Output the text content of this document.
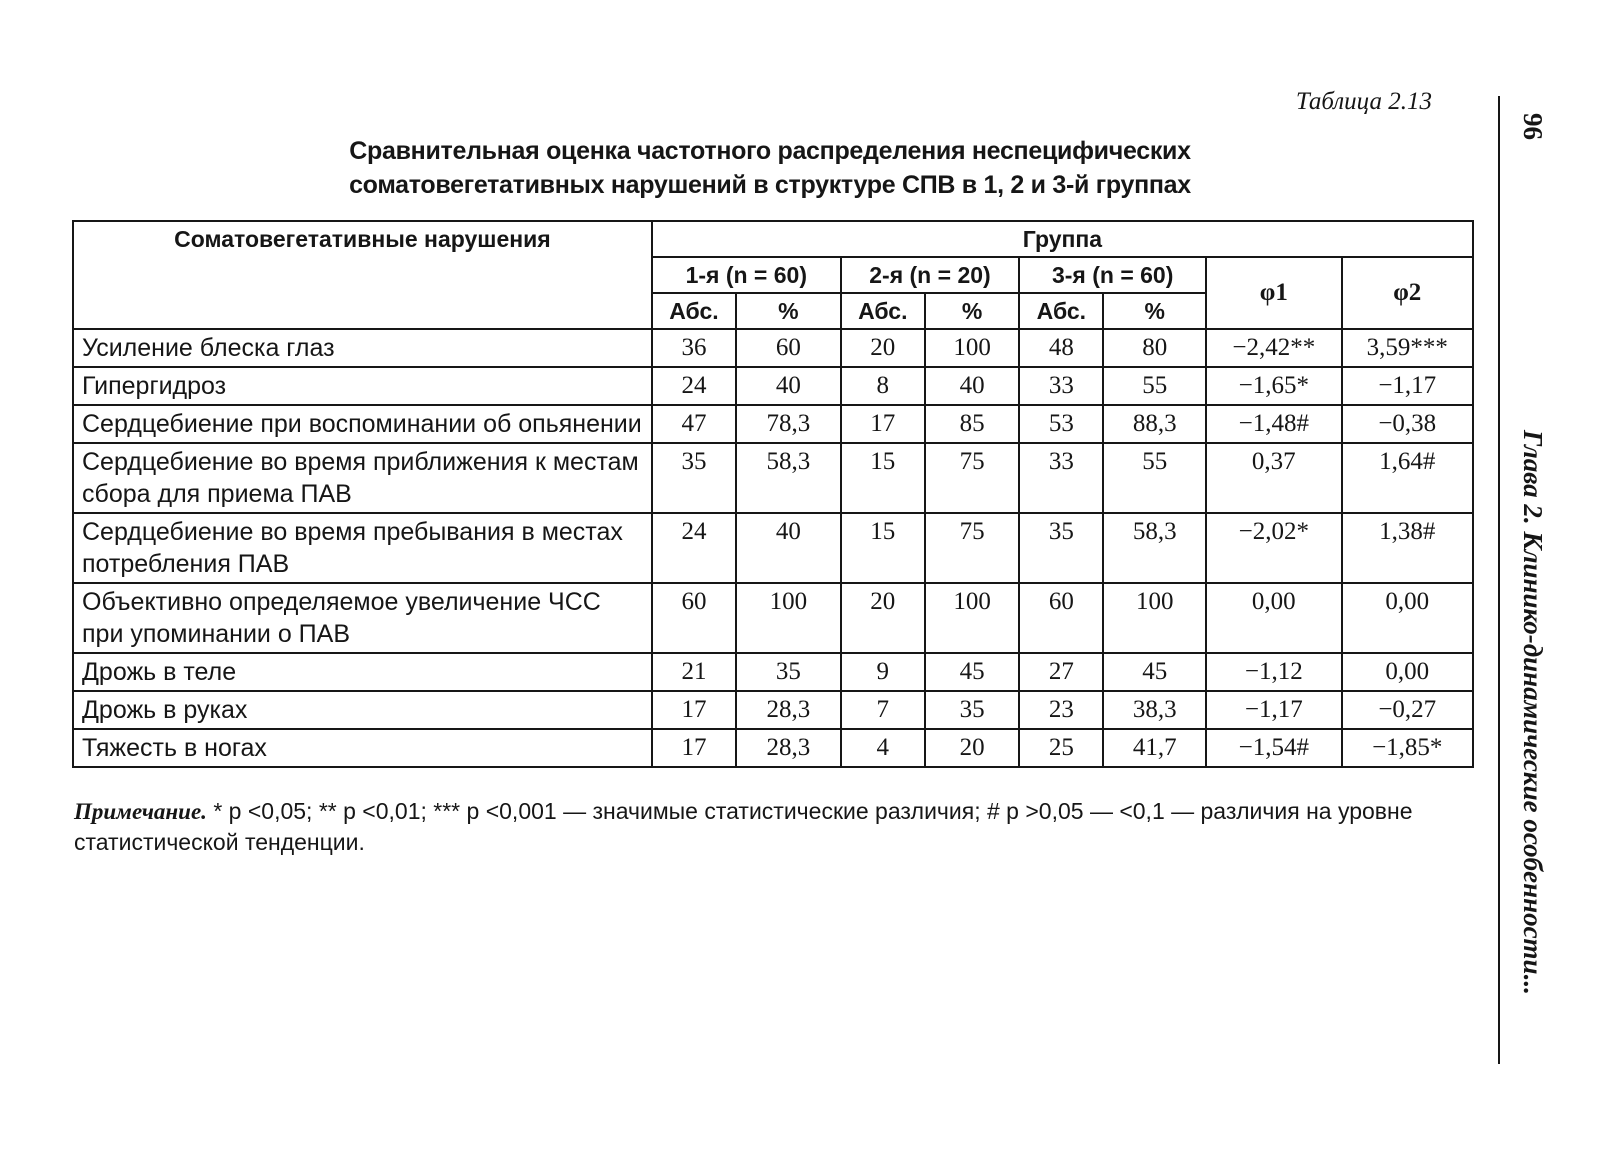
Таблица 2.13
Сравнительная оценка частотного распределения неспецифических
соматовегетативных нарушений в структуре СПВ в 1, 2 и 3-й группах
Соматовегетативные нарушения	Группа							
	1-я (n = 60)		2-я (n = 20)		3-я (n = 60)		φ1	φ2
	Абс.	%	Абс.	%	Абс.	%		
Усиление блеска глаз	36	60	20	100	48	80	−2,42**	3,59***
Гипергидроз	24	40	8	40	33	55	−1,65*	−1,17
Сердцебиение при воспоминании об опьянении	47	78,3	17	85	53	88,3	−1,48#	−0,38
Сердцебиение во время приближения к местам сбора для приема ПАВ	35	58,3	15	75	33	55	0,37	1,64#
Сердцебиение во время пребывания в местах потребления ПАВ	24	40	15	75	35	58,3	−2,02*	1,38#
Объективно определяемое увеличение ЧСС при упоминании о ПАВ	60	100	20	100	60	100	0,00	0,00
Дрожь в теле	21	35	9	45	27	45	−1,12	0,00
Дрожь в руках	17	28,3	7	35	23	38,3	−1,17	−0,27
Тяжесть в ногах	17	28,3	4	20	25	41,7	−1,54#	−1,85*
Примечание. * p <0,05; ** p <0,01; *** p <0,001 — значимые статистические различия; # p >0,05 — <0,1 — различия на уровне статистической тенденции.
96
Глава 2. Клинико-динамические особенности...
